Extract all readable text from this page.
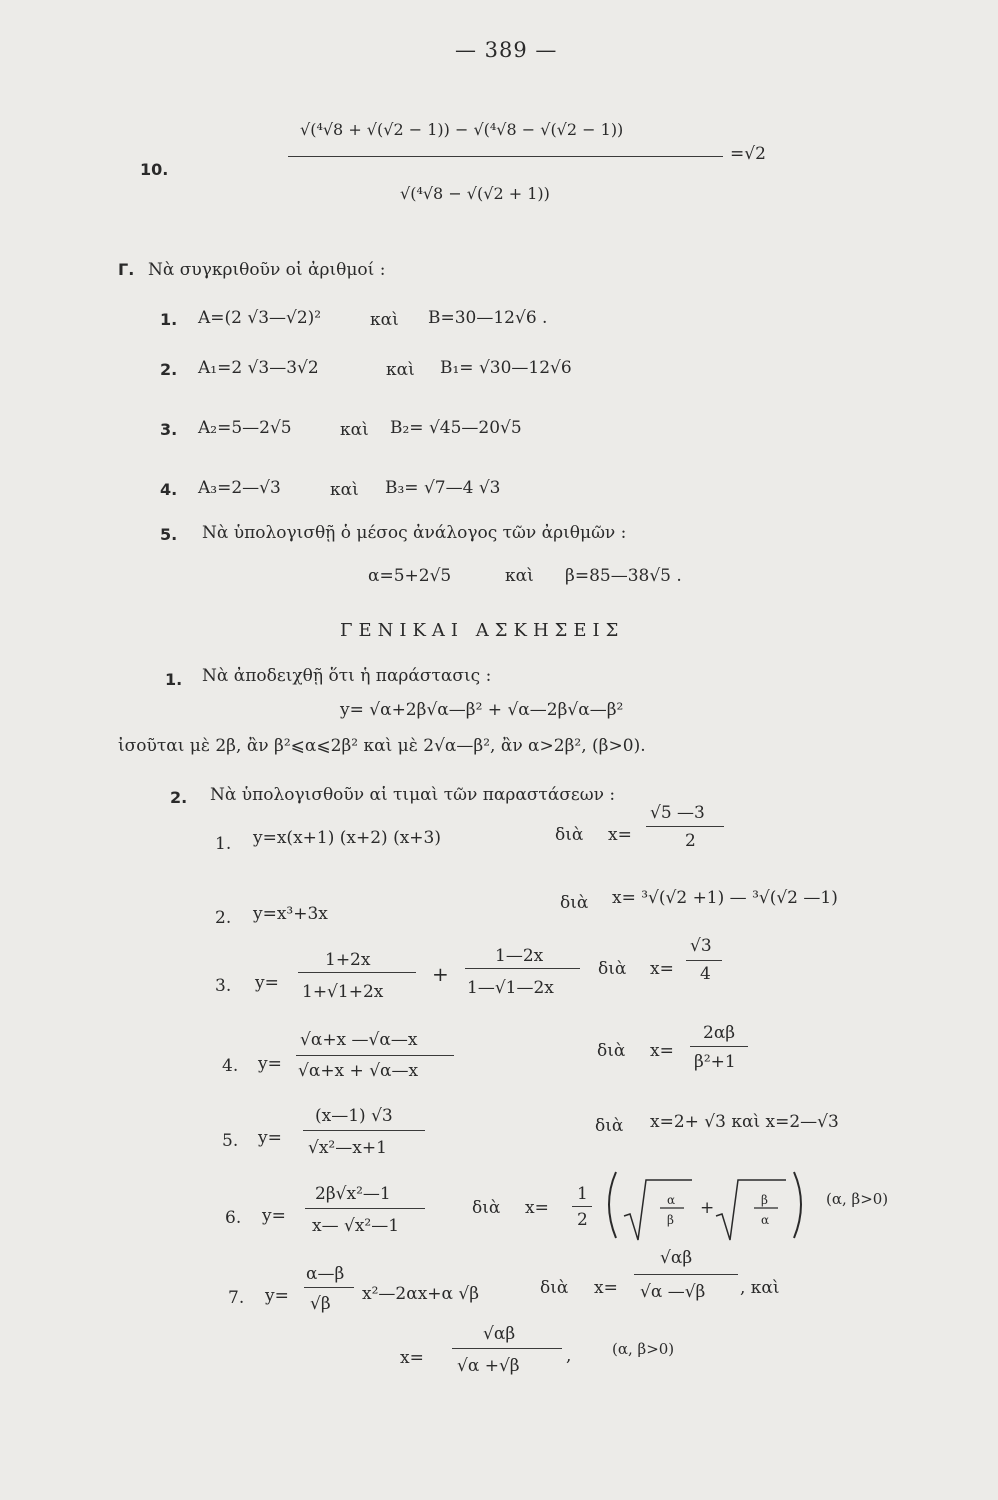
— 389 —
10.
√(⁴√8 + √(√2 − 1)) − √(⁴√8 − √(√2 − 1))
√(⁴√8 − √(√2 + 1))
=√2
Γ. Νὰ συγκριθοῦν οἱ ἀριθμοί :
1. A=(2 √3—√2)²	καὶ B=30—12√6 .
2. A₁=2 √3—3√2	καὶ B₁= √30—12√6
3. A₂=5—2√5	καὶ B₂= √45—20√5
4. A₃=2—√3	καὶ B₃= √7—4 √3
5. Νὰ ὑπολογισθῇ ὁ μέσος ἀνάλογος τῶν ἀριθμῶν :
α=5+2√5	καὶ β=85—38√5 .
ΓΕΝΙΚΑΙ ΑΣΚΗΣΕΙΣ
1. Νὰ ἀποδειχθῇ ὅτι ἡ παράστασις :
y= √α+2β√α—β² + √α—2β√α—β²
ἰσοῦται μὲ 2β, ἂν β²⩽α⩽2β² καὶ μὲ 2√α—β², ἂν α>2β², (β>0).
2. Νὰ ὑπολογισθοῦν αἱ τιμαὶ τῶν παραστάσεων :
1. y=x(x+1) (x+2) (x+3)	διὰ x=
√5 —3
2
2. y=x³+3x
διὰ x= ³√(√2 +1) — ³√(√2 —1)
3. y=
1+2x
1+√1+2x
+
1—2x
1—√1—2x
διὰ x=
√3
4
4. y=
√α+x —√α—x
√α+x + √α—x
διὰ x=
2αβ
β²+1
5. y=
(x—1) √3
√x²—x+1
διὰ x=2+ √3 καὶ x=2—√3
6. y=
2β√x²—1
x— √x²—1
διὰ x=
1
2
α
β
+	β
α
(α, β>0)
7. y=
α—β
√β x²—2αx+α √β	διὰ x=
√αβ
√α —√β , καὶ
x=
√αβ
√α +√β	,	(α, β>0)
